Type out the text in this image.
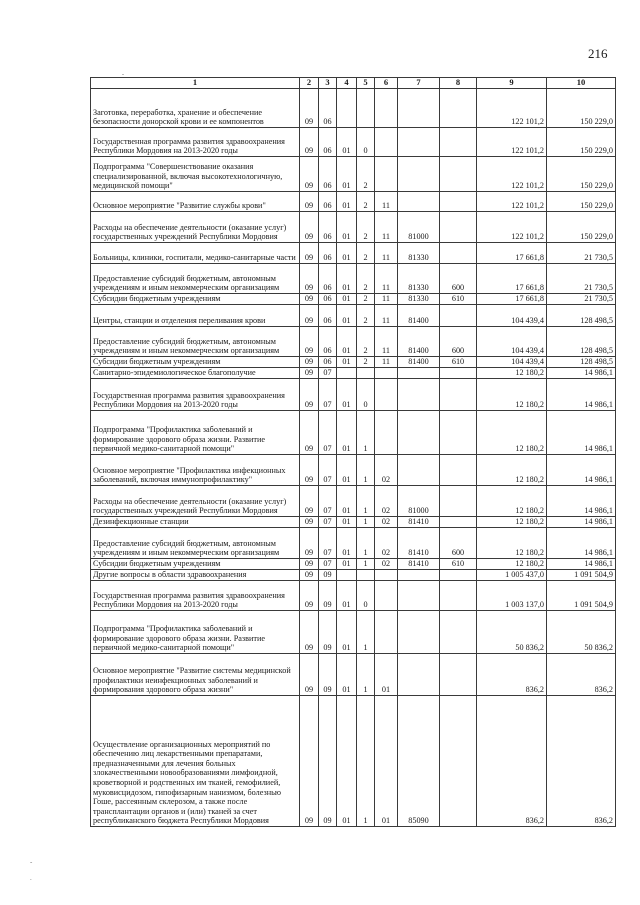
216
.
-
.
1	2	3	4	5	6	7	8	9	10
Заготовка, переработка, хранение и обеспечение безопасности донорской крови и ее компонентов	09	06						122 101,2	150 229,0
Государственная программа развития здравоохранения Республики Мордовия на 2013-2020 годы	09	06	01	0				122 101,2	150 229,0
Подпрограмма "Совершенствование оказания специализированной, включая высокотехнологичную, медицинской помощи"	09	06	01	2				122 101,2	150 229,0
Основное мероприятие "Развитие службы крови"	09	06	01	2	11			122 101,2	150 229,0
Расходы на обеспечение деятельности (оказание услуг) государственных учреждений Республики Мордовия	09	06	01	2	11	81000		122 101,2	150 229,0
Больницы, клиники, госпитали, медико-санитарные части	09	06	01	2	11	81330		17 661,8	21 730,5
Предоставление субсидий бюджетным, автономным учреждениям и иным некоммерческим организациям	09	06	01	2	11	81330	600	17 661,8	21 730,5
Субсидии бюджетным учреждениям	09	06	01	2	11	81330	610	17 661,8	21 730,5
Центры, станции и отделения переливания крови	09	06	01	2	11	81400		104 439,4	128 498,5
Предоставление субсидий бюджетным, автономным учреждениям и иным некоммерческим организациям	09	06	01	2	11	81400	600	104 439,4	128 498,5
Субсидии бюджетным учреждениям	09	06	01	2	11	81400	610	104 439,4	128 498,5
Санитарно-эпидемиологическое благополучие	09	07						12 180,2	14 986,1
Государственная программа развития здравоохранения Республики Мордовия на 2013-2020 годы	09	07	01	0				12 180,2	14 986,1
Подпрограмма "Профилактика заболеваний и формирование здорового образа жизни. Развитие первичной медико-санитарной помощи"	09	07	01	1				12 180,2	14 986,1
Основное мероприятие "Профилактика инфекционных заболеваний, включая иммунопрофилактику"	09	07	01	1	02			12 180,2	14 986,1
Расходы на обеспечение деятельности (оказание услуг) государственных учреждений Республики Мордовия	09	07	01	1	02	81000		12 180,2	14 986,1
Дезинфекционные станции	09	07	01	1	02	81410		12 180,2	14 986,1
Предоставление субсидий бюджетным, автономным учреждениям и иным некоммерческим организациям	09	07	01	1	02	81410	600	12 180,2	14 986,1
Субсидии бюджетным учреждениям	09	07	01	1	02	81410	610	12 180,2	14 986,1
Другие вопросы в области здравоохранения	09	09						1 005 437,0	1 091 504,9
Государственная программа развития здравоохранения Республики Мордовия на 2013-2020 годы	09	09	01	0				1 003 137,0	1 091 504,9
Подпрограмма "Профилактика заболеваний и формирование здорового образа жизни. Развитие первичной медико-санитарной помощи"	09	09	01	1				50 836,2	50 836,2
Основное мероприятие "Развитие системы медицинской профилактики неинфекционных заболеваний и формирования здорового образа жизни"	09	09	01	1	01			836,2	836,2
Осуществление организационных мероприятий по обеспечению лиц лекарственными препаратами, предназначенными для лечения больных злокачественными новообразованиями лимфоидной, кроветворной и родственных им тканей, гемофилией, муковисцидозом, гипофизарным нанизмом, болезнью Гоше, рассеянным склерозом, а также после трансплантации органов и (или) тканей за счет республиканского бюджета Республики Мордовия	09	09	01	1	01	85090		836,2	836,2
